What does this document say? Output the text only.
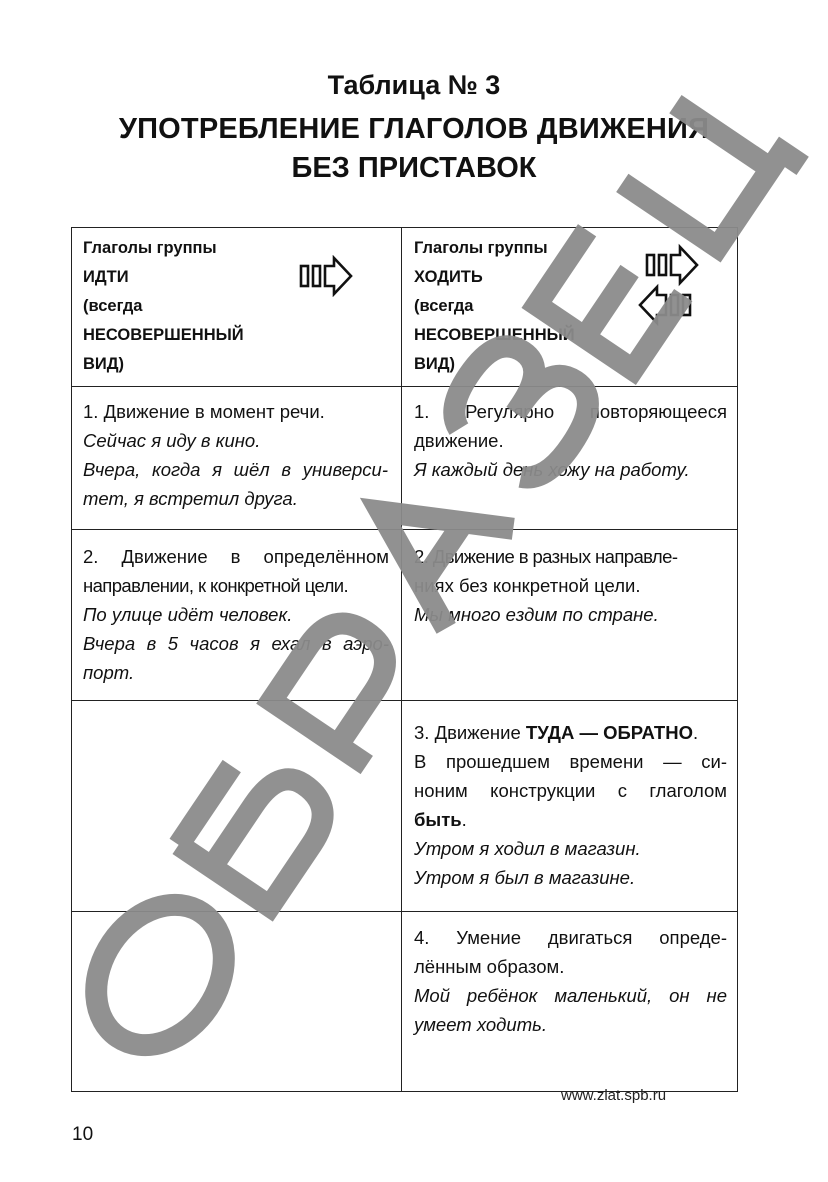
Таблица № 3
УПОТРЕБЛЕНИЕ ГЛАГОЛОВ ДВИЖЕНИЯ
БЕЗ ПРИСТАВОК
Глаголы группы
ИДТИ
(всегда
НЕСОВЕРШЕННЫЙ
ВИД)
Глаголы группы
ХОДИТЬ
(всегда
НЕСОВЕРШЕННЫЙ
ВИД)
1. Движение в момент речи.
Сейчас я иду в кино.
Вчера, когда я шёл в универси-
тет, я встретил друга.
1. Регулярно повторяющееся
движение.
Я каждый день хожу на работу.
2. Движение в определённом
направлении, к конкретной цели.
По улице идёт человек.
Вчера в 5 часов я ехал в аэро-
порт.
2. Движение в разных направле-
ниях без конкретной цели.
Мы много ездим по стране.
3. Движение ТУДА — ОБРАТНО.
В прошедшем времени — си-
ноним конструкции с глаголом
быть.
Утром я ходил в магазин.
Утром я был в магазине.
4. Умение двигаться опреде-
лённым образом.
Мой ребёнок маленький, он не
умеет ходить.
www.zlat.spb.ru
10
